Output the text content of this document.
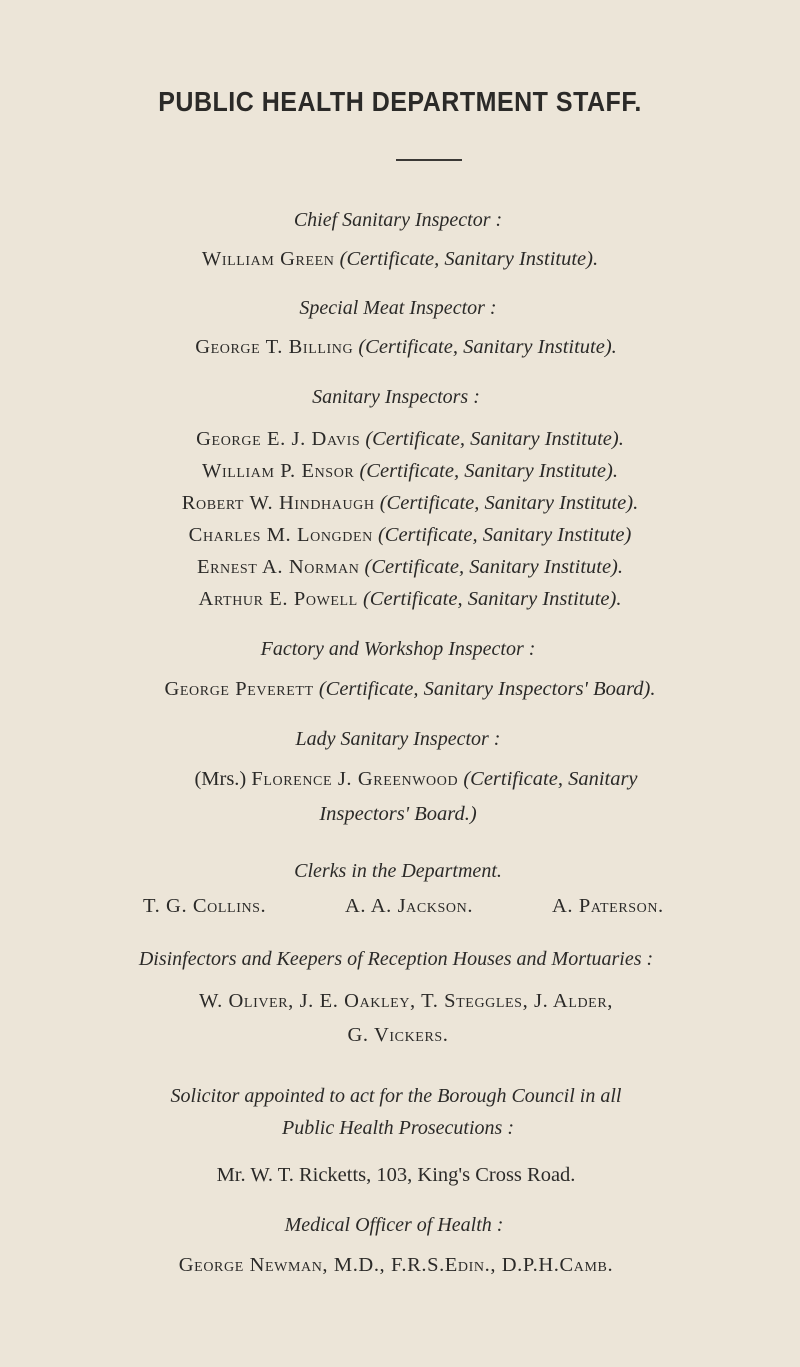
PUBLIC HEALTH DEPARTMENT STAFF.
Chief Sanitary Inspector :
William Green (Certificate, Sanitary Institute).
Special Meat Inspector :
George T. Billing (Certificate, Sanitary Institute).
Sanitary Inspectors :
George E. J. Davis (Certificate, Sanitary Institute).
William P. Ensor (Certificate, Sanitary Institute).
Robert W. Hindhaugh (Certificate, Sanitary Institute).
Charles M. Longden (Certificate, Sanitary Institute)
Ernest A. Norman (Certificate, Sanitary Institute).
Arthur E. Powell (Certificate, Sanitary Institute).
Factory and Workshop Inspector :
George Peverett (Certificate, Sanitary Inspectors' Board).
Lady Sanitary Inspector :
(Mrs.) Florence J. Greenwood (Certificate, Sanitary
Inspectors' Board.)
Clerks in the Department.
T. G. Collins.	A. A. Jackson.	A. Paterson.
Disinfectors and Keepers of Reception Houses and Mortuaries :
W. Oliver, J. E. Oakley, T. Steggles, J. Alder,
G. Vickers.
Solicitor appointed to act for the Borough Council in all
Public Health Prosecutions :
Mr. W. T. Ricketts, 103, King's Cross Road.
Medical Officer of Health :
George Newman, M.D., F.R.S.Edin., D.P.H.Camb.
